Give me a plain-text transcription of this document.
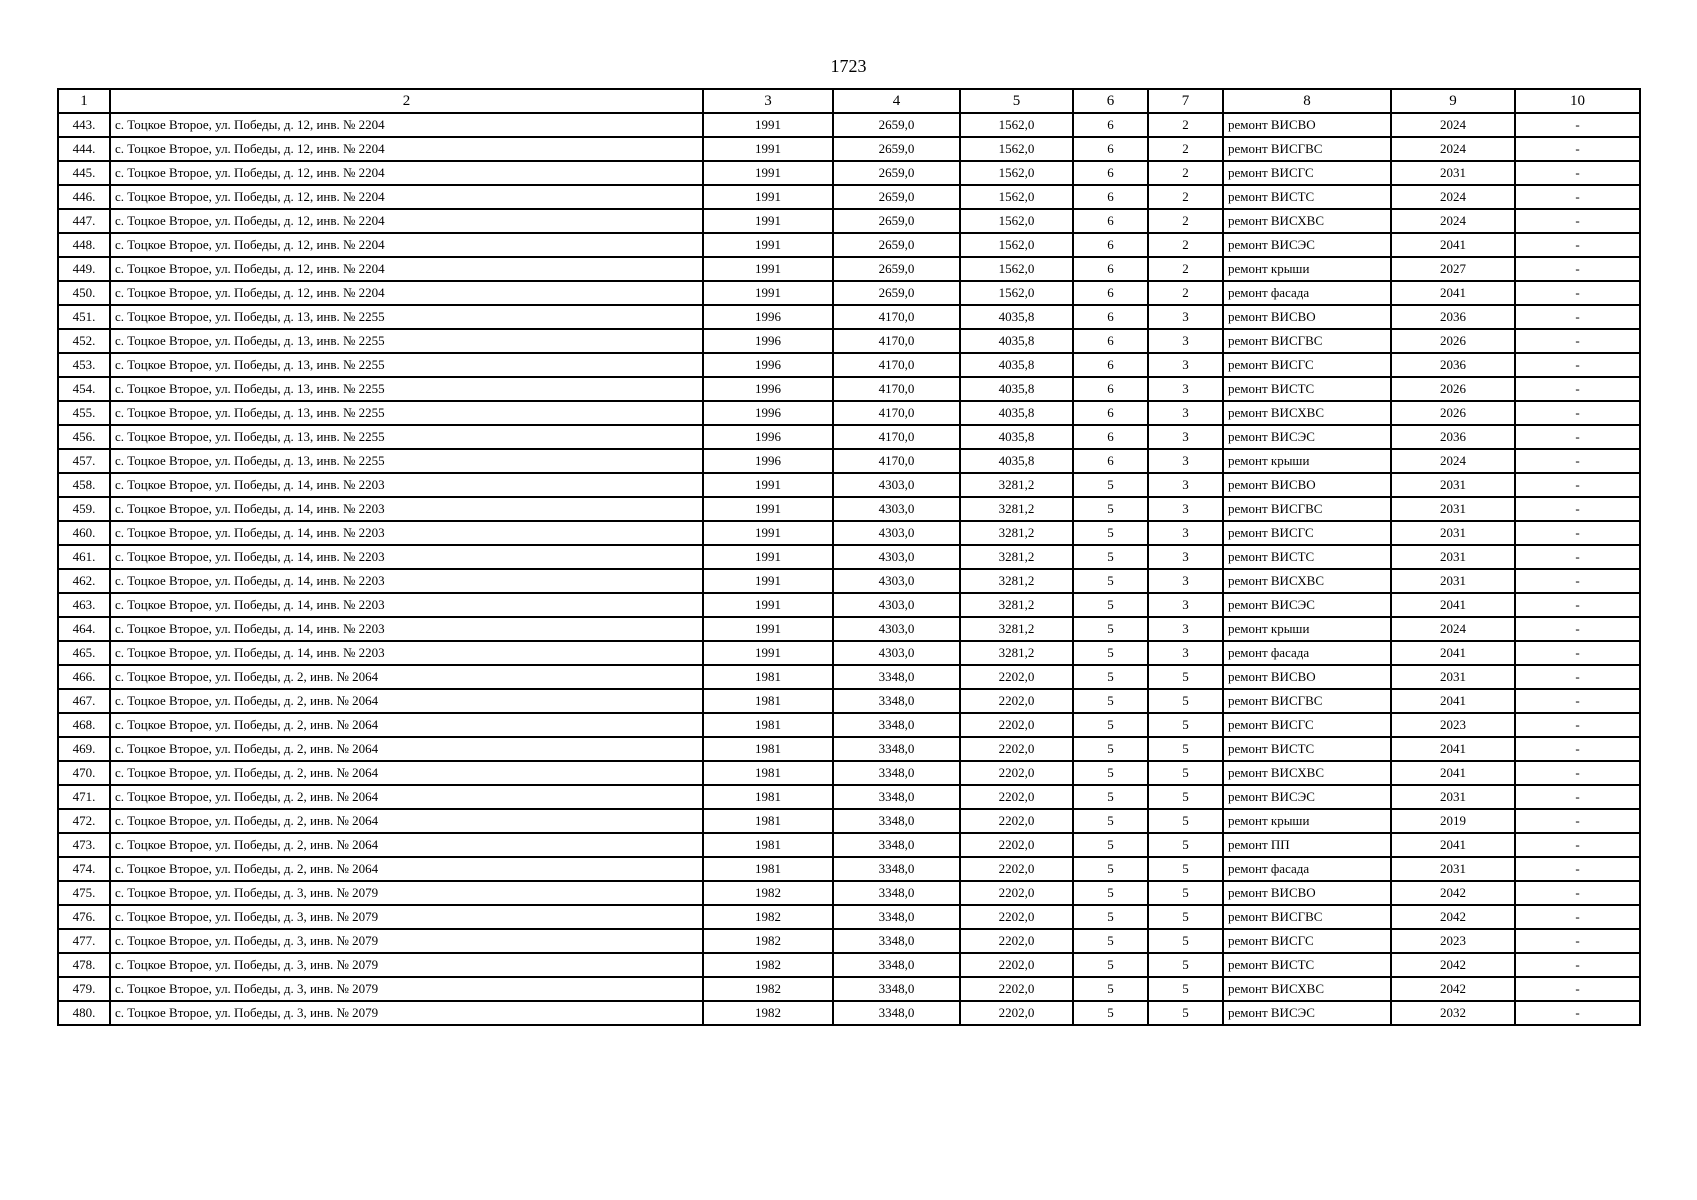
1723
1	2	3	4	5	6	7	8	9	10
443.	с. Тоцкое Второе, ул. Победы, д. 12, инв. № 2204	1991	2659,0	1562,0	6	2	ремонт ВИСВО	2024	-
444.	с. Тоцкое Второе, ул. Победы, д. 12, инв. № 2204	1991	2659,0	1562,0	6	2	ремонт ВИСГВС	2024	-
445.	с. Тоцкое Второе, ул. Победы, д. 12, инв. № 2204	1991	2659,0	1562,0	6	2	ремонт ВИСГС	2031	-
446.	с. Тоцкое Второе, ул. Победы, д. 12, инв. № 2204	1991	2659,0	1562,0	6	2	ремонт ВИСТС	2024	-
447.	с. Тоцкое Второе, ул. Победы, д. 12, инв. № 2204	1991	2659,0	1562,0	6	2	ремонт ВИСХВС	2024	-
448.	с. Тоцкое Второе, ул. Победы, д. 12, инв. № 2204	1991	2659,0	1562,0	6	2	ремонт ВИСЭС	2041	-
449.	с. Тоцкое Второе, ул. Победы, д. 12, инв. № 2204	1991	2659,0	1562,0	6	2	ремонт крыши	2027	-
450.	с. Тоцкое Второе, ул. Победы, д. 12, инв. № 2204	1991	2659,0	1562,0	6	2	ремонт фасада	2041	-
451.	с. Тоцкое Второе, ул. Победы, д. 13, инв. № 2255	1996	4170,0	4035,8	6	3	ремонт ВИСВО	2036	-
452.	с. Тоцкое Второе, ул. Победы, д. 13, инв. № 2255	1996	4170,0	4035,8	6	3	ремонт ВИСГВС	2026	-
453.	с. Тоцкое Второе, ул. Победы, д. 13, инв. № 2255	1996	4170,0	4035,8	6	3	ремонт ВИСГС	2036	-
454.	с. Тоцкое Второе, ул. Победы, д. 13, инв. № 2255	1996	4170,0	4035,8	6	3	ремонт ВИСТС	2026	-
455.	с. Тоцкое Второе, ул. Победы, д. 13, инв. № 2255	1996	4170,0	4035,8	6	3	ремонт ВИСХВС	2026	-
456.	с. Тоцкое Второе, ул. Победы, д. 13, инв. № 2255	1996	4170,0	4035,8	6	3	ремонт ВИСЭС	2036	-
457.	с. Тоцкое Второе, ул. Победы, д. 13, инв. № 2255	1996	4170,0	4035,8	6	3	ремонт крыши	2024	-
458.	с. Тоцкое Второе, ул. Победы, д. 14, инв. № 2203	1991	4303,0	3281,2	5	3	ремонт ВИСВО	2031	-
459.	с. Тоцкое Второе, ул. Победы, д. 14, инв. № 2203	1991	4303,0	3281,2	5	3	ремонт ВИСГВС	2031	-
460.	с. Тоцкое Второе, ул. Победы, д. 14, инв. № 2203	1991	4303,0	3281,2	5	3	ремонт ВИСГС	2031	-
461.	с. Тоцкое Второе, ул. Победы, д. 14, инв. № 2203	1991	4303,0	3281,2	5	3	ремонт ВИСТС	2031	-
462.	с. Тоцкое Второе, ул. Победы, д. 14, инв. № 2203	1991	4303,0	3281,2	5	3	ремонт ВИСХВС	2031	-
463.	с. Тоцкое Второе, ул. Победы, д. 14, инв. № 2203	1991	4303,0	3281,2	5	3	ремонт ВИСЭС	2041	-
464.	с. Тоцкое Второе, ул. Победы, д. 14, инв. № 2203	1991	4303,0	3281,2	5	3	ремонт крыши	2024	-
465.	с. Тоцкое Второе, ул. Победы, д. 14, инв. № 2203	1991	4303,0	3281,2	5	3	ремонт фасада	2041	-
466.	с. Тоцкое Второе, ул. Победы, д. 2, инв. № 2064	1981	3348,0	2202,0	5	5	ремонт ВИСВО	2031	-
467.	с. Тоцкое Второе, ул. Победы, д. 2, инв. № 2064	1981	3348,0	2202,0	5	5	ремонт ВИСГВС	2041	-
468.	с. Тоцкое Второе, ул. Победы, д. 2, инв. № 2064	1981	3348,0	2202,0	5	5	ремонт ВИСГС	2023	-
469.	с. Тоцкое Второе, ул. Победы, д. 2, инв. № 2064	1981	3348,0	2202,0	5	5	ремонт ВИСТС	2041	-
470.	с. Тоцкое Второе, ул. Победы, д. 2, инв. № 2064	1981	3348,0	2202,0	5	5	ремонт ВИСХВС	2041	-
471.	с. Тоцкое Второе, ул. Победы, д. 2, инв. № 2064	1981	3348,0	2202,0	5	5	ремонт ВИСЭС	2031	-
472.	с. Тоцкое Второе, ул. Победы, д. 2, инв. № 2064	1981	3348,0	2202,0	5	5	ремонт крыши	2019	-
473.	с. Тоцкое Второе, ул. Победы, д. 2, инв. № 2064	1981	3348,0	2202,0	5	5	ремонт ПП	2041	-
474.	с. Тоцкое Второе, ул. Победы, д. 2, инв. № 2064	1981	3348,0	2202,0	5	5	ремонт фасада	2031	-
475.	с. Тоцкое Второе, ул. Победы, д. 3, инв. № 2079	1982	3348,0	2202,0	5	5	ремонт ВИСВО	2042	-
476.	с. Тоцкое Второе, ул. Победы, д. 3, инв. № 2079	1982	3348,0	2202,0	5	5	ремонт ВИСГВС	2042	-
477.	с. Тоцкое Второе, ул. Победы, д. 3, инв. № 2079	1982	3348,0	2202,0	5	5	ремонт ВИСГС	2023	-
478.	с. Тоцкое Второе, ул. Победы, д. 3, инв. № 2079	1982	3348,0	2202,0	5	5	ремонт ВИСТС	2042	-
479.	с. Тоцкое Второе, ул. Победы, д. 3, инв. № 2079	1982	3348,0	2202,0	5	5	ремонт ВИСХВС	2042	-
480.	с. Тоцкое Второе, ул. Победы, д. 3, инв. № 2079	1982	3348,0	2202,0	5	5	ремонт ВИСЭС	2032	-
